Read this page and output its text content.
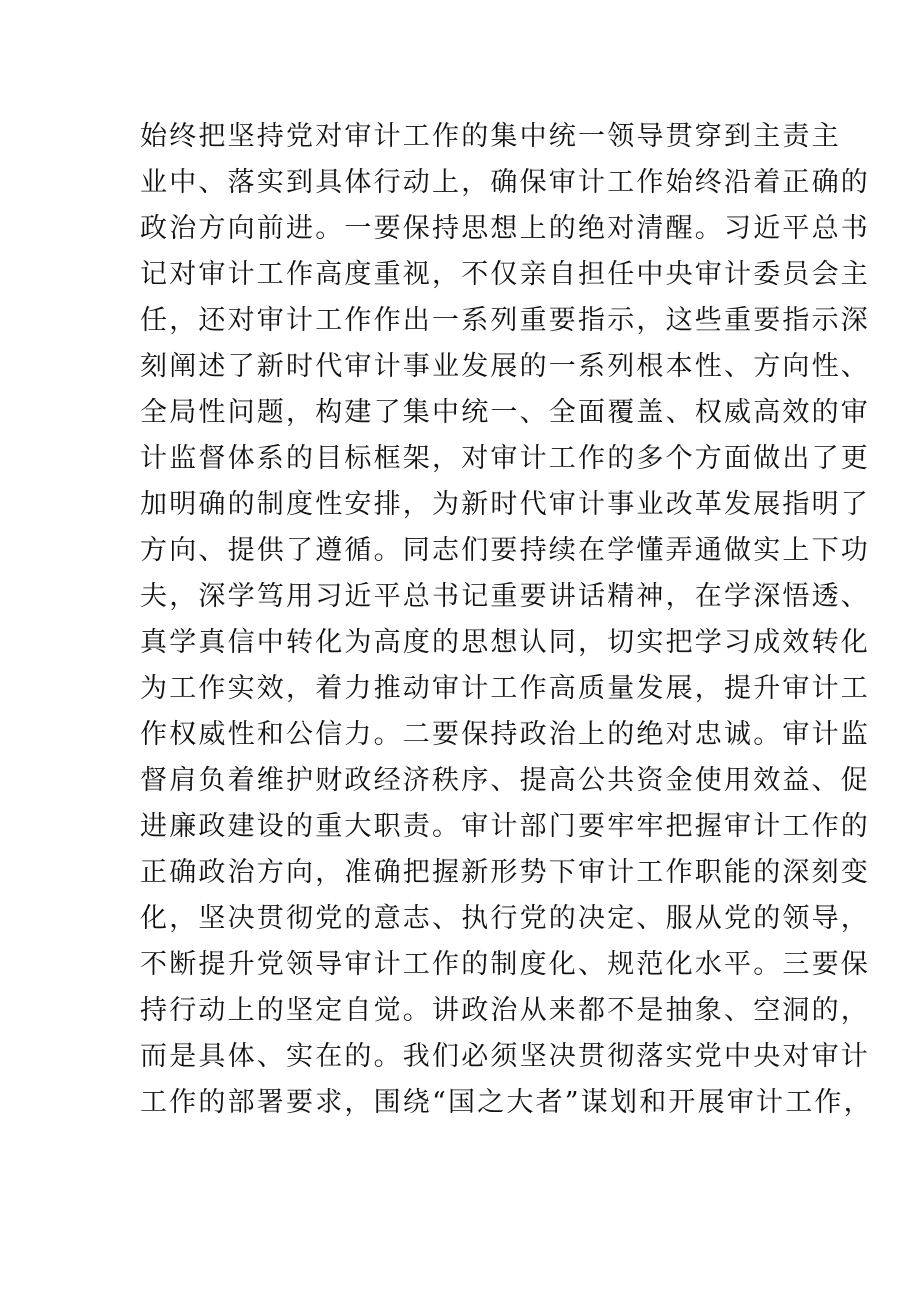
始终把坚持党对审计工作的集中统一领导贯穿到主责主
业中、落实到具体行动上，确保审计工作始终沿着正确的
政治方向前进。一要保持思想上的绝对清醒。习近平总书
记对审计工作高度重视，不仅亲自担任中央审计委员会主
任，还对审计工作作出一系列重要指示，这些重要指示深
刻阐述了新时代审计事业发展的一系列根本性、方向性、
全局性问题，构建了集中统一、全面覆盖、权威高效的审
计监督体系的目标框架，对审计工作的多个方面做出了更
加明确的制度性安排，为新时代审计事业改革发展指明了
方向、提供了遵循。同志们要持续在学懂弄通做实上下功
夫，深学笃用习近平总书记重要讲话精神，在学深悟透、
真学真信中转化为高度的思想认同，切实把学习成效转化
为工作实效，着力推动审计工作高质量发展，提升审计工
作权威性和公信力。二要保持政治上的绝对忠诚。审计监
督肩负着维护财政经济秩序、提高公共资金使用效益、促
进廉政建设的重大职责。审计部门要牢牢把握审计工作的
正确政治方向，准确把握新形势下审计工作职能的深刻变
化，坚决贯彻党的意志、执行党的决定、服从党的领导，
不断提升党领导审计工作的制度化、规范化水平。三要保
持行动上的坚定自觉。讲政治从来都不是抽象、空洞的，
而是具体、实在的。我们必须坚决贯彻落实党中央对审计
工作的部署要求，围绕“国之大者”谋划和开展审计工作，
